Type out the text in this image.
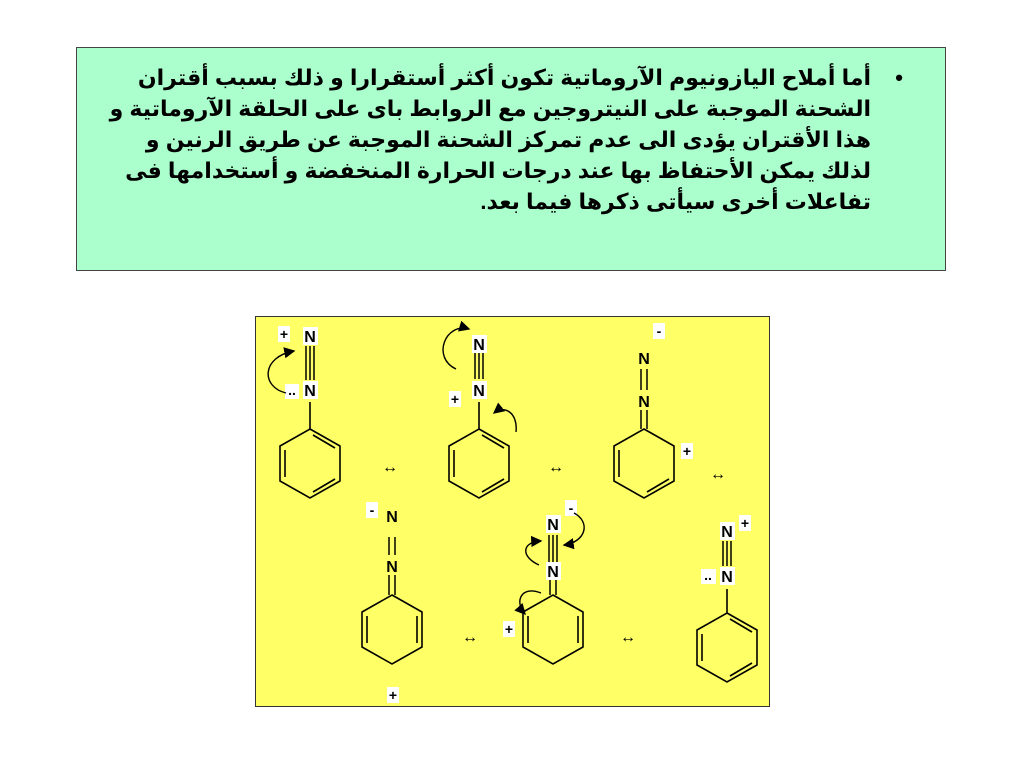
•
أما أملاح اليازونيوم الآروماتية تكون أكثر أستقرارا و ذلك بسبب أقتران الشحنة الموجبة على النيتروجين مع الروابط باى على الحلقة الآروماتية و هذا الأقتران يؤدى الى عدم تمركز الشحنة الموجبة عن طريق الرنين و لذلك يمكن الأحتفاظ بها عند درجات الحرارة المنخفضة و أستخدامها فى تفاعلات أخرى سيأتى ذكرها فيما بعد.
N
N
+
..
↔
N
N
+
↔
N
N
-
+
↔
N
N
-
+
↔
N
N
-
+	↔
N
N
+
..
